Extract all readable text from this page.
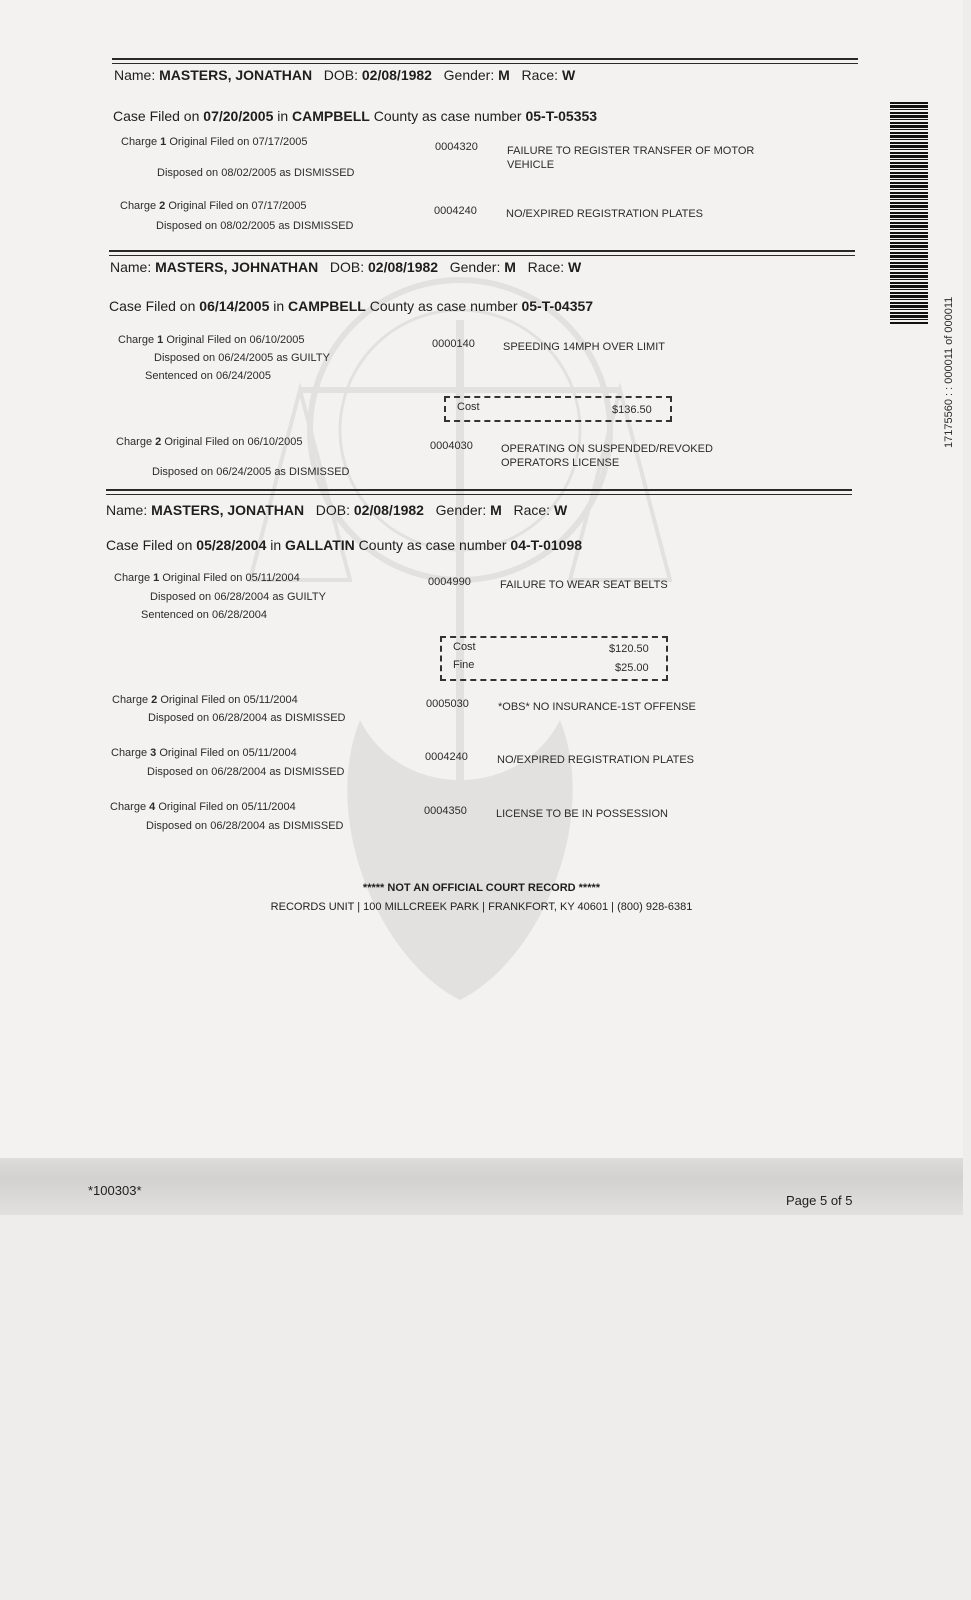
Name: MASTERS, JONATHAN DOB: 02/08/1982 Gender: M Race: W
Case Filed on 07/20/2005 in CAMPBELL County as case number 05-T-05353
Charge 1 Original Filed on 07/17/2005
Disposed on 08/02/2005 as DISMISSED
0004320	FAILURE TO REGISTER TRANSFER OF MOTOR VEHICLE
Charge 2 Original Filed on 07/17/2005
Disposed on 08/02/2005 as DISMISSED
0004240	NO/EXPIRED REGISTRATION PLATES
Name: MASTERS, JOHNATHAN DOB: 02/08/1982 Gender: M Race: W
Case Filed on 06/14/2005 in CAMPBELL County as case number 05-T-04357
Charge 1 Original Filed on 06/10/2005
Disposed on 06/24/2005 as GUILTY
Sentenced on 06/24/2005
0000140	SPEEDING 14MPH OVER LIMIT
Cost	$136.50
Charge 2 Original Filed on 06/10/2005
Disposed on 06/24/2005 as DISMISSED
0004030	OPERATING ON SUSPENDED/REVOKED OPERATORS LICENSE
Name: MASTERS, JONATHAN DOB: 02/08/1982 Gender: M Race: W
Case Filed on 05/28/2004 in GALLATIN County as case number 04-T-01098
Charge 1 Original Filed on 05/11/2004
Disposed on 06/28/2004 as GUILTY
Sentenced on 06/28/2004
0004990	FAILURE TO WEAR SEAT BELTS
Cost	$120.50
Fine	$25.00
Charge 2 Original Filed on 05/11/2004
Disposed on 06/28/2004 as DISMISSED
0005030	*OBS* NO INSURANCE-1ST OFFENSE
Charge 3 Original Filed on 05/11/2004
Disposed on 06/28/2004 as DISMISSED
0004240	NO/EXPIRED REGISTRATION PLATES
Charge 4 Original Filed on 05/11/2004
Disposed on 06/28/2004 as DISMISSED
0004350	LICENSE TO BE IN POSSESSION
***** NOT AN OFFICIAL COURT RECORD *****
RECORDS UNIT | 100 MILLCREEK PARK | FRANKFORT, KY 40601 | (800) 928-6381
17175560 : : 000011 of 000011
*100303*
Page 5 of 5
